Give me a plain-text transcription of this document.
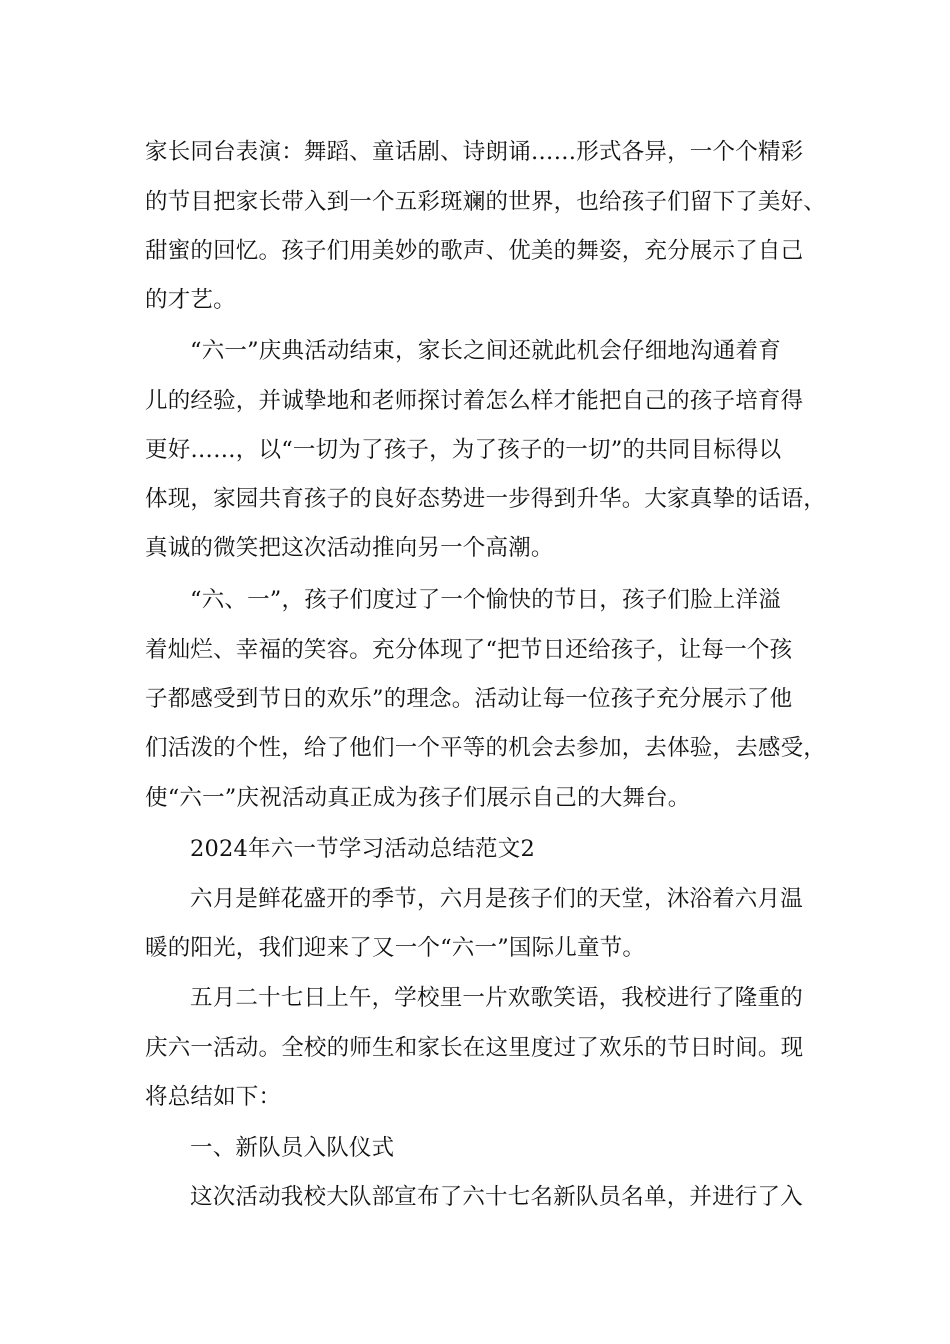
家长同台表演：舞蹈、童话剧、诗朗诵……形式各异，一个个精彩

的节目把家长带入到一个五彩斑斓的世界，也给孩子们留下了美好、

甜蜜的回忆。孩子们用美妙的歌声、优美的舞姿，充分展示了自己

的才艺。

“六一”庆典活动结束，家长之间还就此机会仔细地沟通着育

儿的经验，并诚挚地和老师探讨着怎么样才能把自己的孩子培育得

更好……，以“一切为了孩子，为了孩子的一切”的共同目标得以

体现，家园共育孩子的良好态势进一步得到升华。大家真挚的话语，

真诚的微笑把这次活动推向另一个高潮。

“六、一”，孩子们度过了一个愉快的节日，孩子们脸上洋溢

着灿烂、幸福的笑容。充分体现了“把节日还给孩子，让每一个孩

子都感受到节日的欢乐”的理念。活动让每一位孩子充分展示了他

们活泼的个性，给了他们一个平等的机会去参加，去体验，去感受，

使“六一”庆祝活动真正成为孩子们展示自己的大舞台。

2024年六一节学习活动总结范文2

六月是鲜花盛开的季节，六月是孩子们的天堂，沐浴着六月温

暖的阳光，我们迎来了又一个“六一”国际儿童节。

五月二十七日上午，学校里一片欢歌笑语，我校进行了隆重的

庆六一活动。全校的师生和家长在这里度过了欢乐的节日时间。现

将总结如下：

一、新队员入队仪式

这次活动我校大队部宣布了六十七名新队员名单，并进行了入
